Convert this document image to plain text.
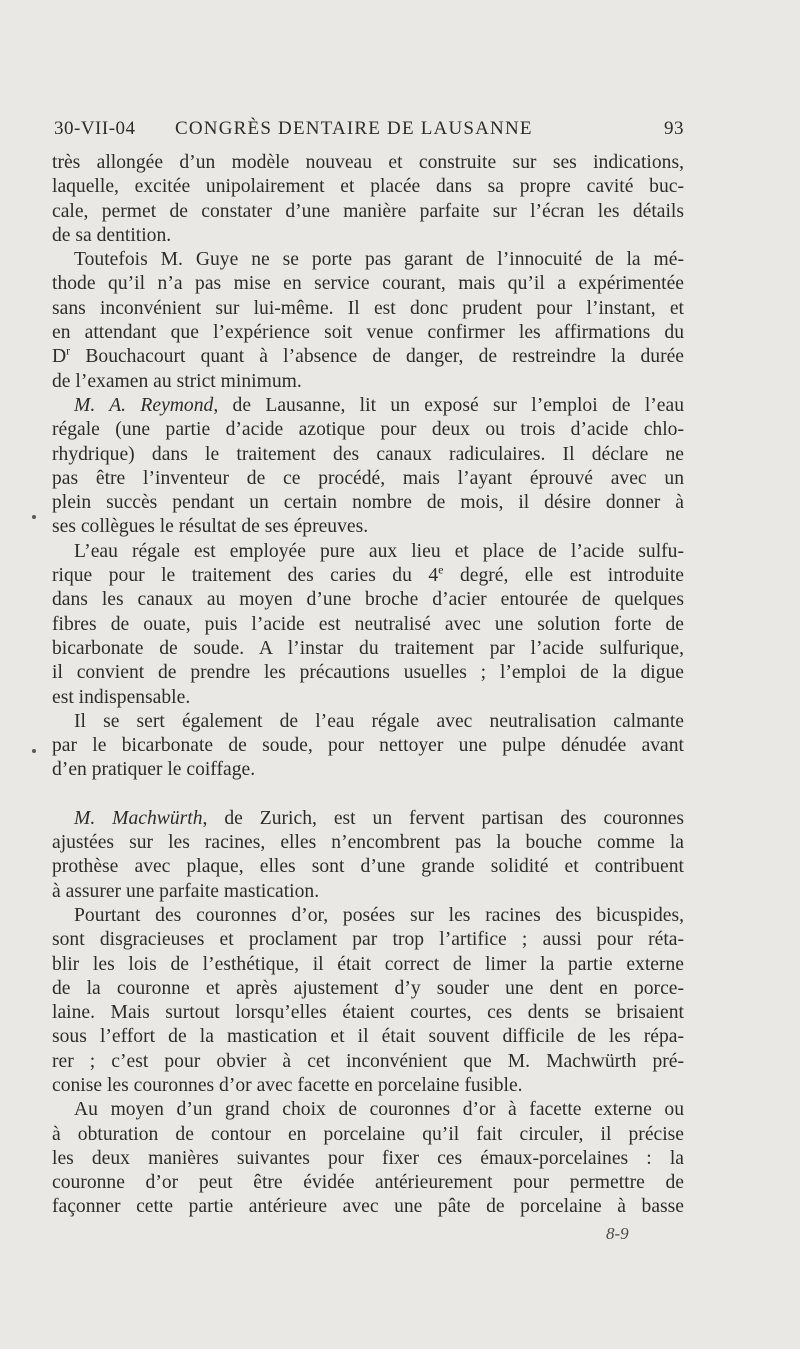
30-VII-04 CONGRÈS DENTAIRE DE LAUSANNE	93
très allongée d’un modèle nouveau et construite sur ses indications,
laquelle, excitée unipolairement et placée dans sa propre cavité buc-
cale, permet de constater d’une manière parfaite sur l’écran les détails
de sa dentition.
Toutefois M. Guye ne se porte pas garant de l’innocuité de la mé-
thode qu’il n’a pas mise en service courant, mais qu’il a expérimentée
sans inconvénient sur lui-même. Il est donc prudent pour l’instant, et
en attendant que l’expérience soit venue confirmer les affirmations du
$D^r$ Bouchacourt quant à l’absence de danger, de restreindre la durée
de l’examen au strict minimum.
M. A. Reymond, de Lausanne, lit un exposé sur l’emploi de l’eau
régale (une partie d’acide azotique pour deux ou trois d’acide chlo-
rhydrique) dans le traitement des canaux radiculaires. Il déclare ne
pas être l’inventeur de ce procédé, mais l’ayant éprouvé avec un
plein succès pendant un certain nombre de mois, il désire donner à
ses collègues le résultat de ses épreuves.
L’eau régale est employée pure aux lieu et place de l’acide sulfu-
rique pour le traitement des caries du 4e degré, elle est introduite
dans les canaux au moyen d’une broche d’acier entourée de quelques
fibres de ouate, puis l’acide est neutralisé avec une solution forte de
bicarbonate de soude. A l’instar du traitement par l’acide sulfurique,
il convient de prendre les précautions usuelles ; l’emploi de la digue
est indispensable.
Il se sert également de l’eau régale avec neutralisation calmante
par le bicarbonate de soude, pour nettoyer une pulpe dénudée avant
d’en pratiquer le coiffage.
M. Machwürth, de Zurich, est un fervent partisan des couronnes
ajustées sur les racines, elles n’encombrent pas la bouche comme la
prothèse avec plaque, elles sont d’une grande solidité et contribuent
à assurer une parfaite mastication.
Pourtant des couronnes d’or, posées sur les racines des bicuspides,
sont disgracieuses et proclament par trop l’artifice ; aussi pour réta-
blir les lois de l’esthétique, il était correct de limer la partie externe
de la couronne et après ajustement d’y souder une dent en porce-
laine. Mais surtout lorsqu’elles étaient courtes, ces dents se brisaient
sous l’effort de la mastication et il était souvent difficile de les répa-
rer ; c’est pour obvier à cet inconvénient que M. Machwürth pré-
conise les couronnes d’or avec facette en porcelaine fusible.
Au moyen d’un grand choix de couronnes d’or à facette externe ou
à obturation de contour en porcelaine qu’il fait circuler, il précise
les deux manières suivantes pour fixer ces émaux-porcelaines : la
couronne d’or peut être évidée antérieurement pour permettre de
façonner cette partie antérieure avec une pâte de porcelaine à basse
8-9
